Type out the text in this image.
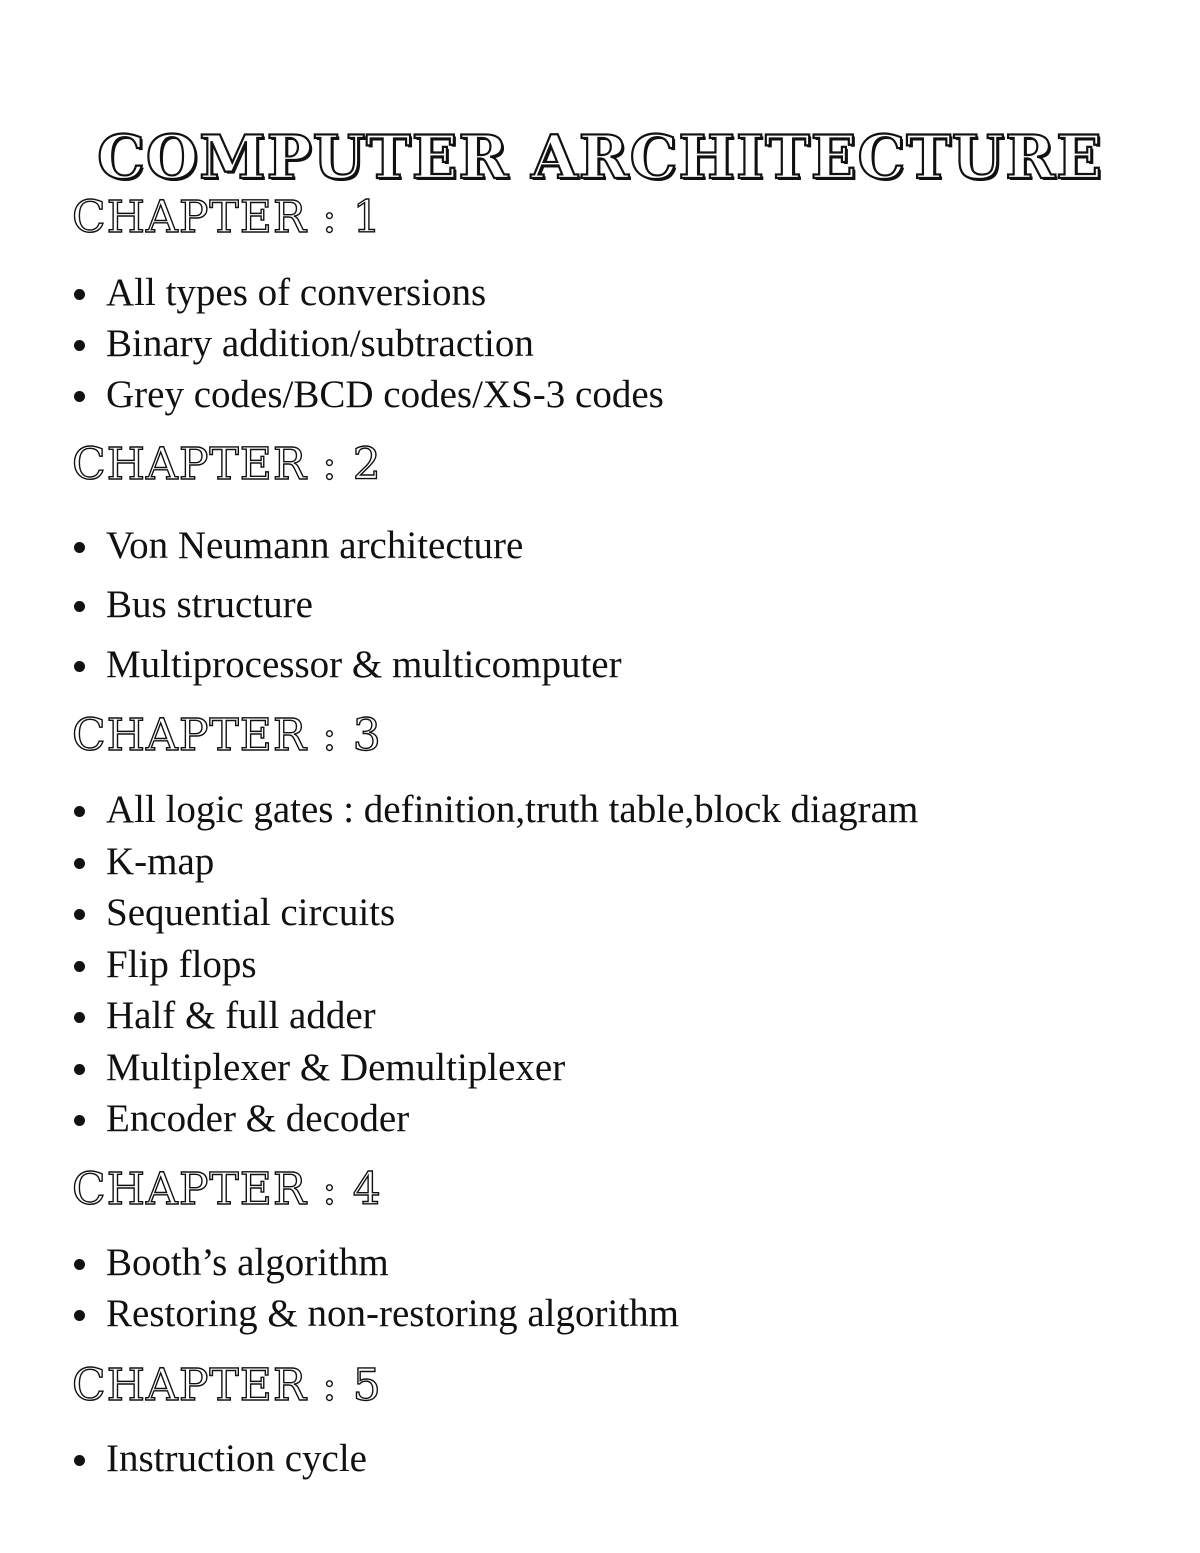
COMPUTER ARCHITECTURE
CHAPTER : 1
All types of conversions
Binary addition/subtraction
Grey codes/BCD codes/XS-3 codes
CHAPTER : 2
Von Neumann architecture
Bus structure
Multiprocessor & multicomputer
CHAPTER : 3
All logic gates : definition,truth table,block diagram
K-map
Sequential circuits
Flip flops
Half & full adder
Multiplexer & Demultiplexer
Encoder & decoder
CHAPTER : 4
Booth’s algorithm
Restoring & non-restoring algorithm
CHAPTER : 5
Instruction cycle
